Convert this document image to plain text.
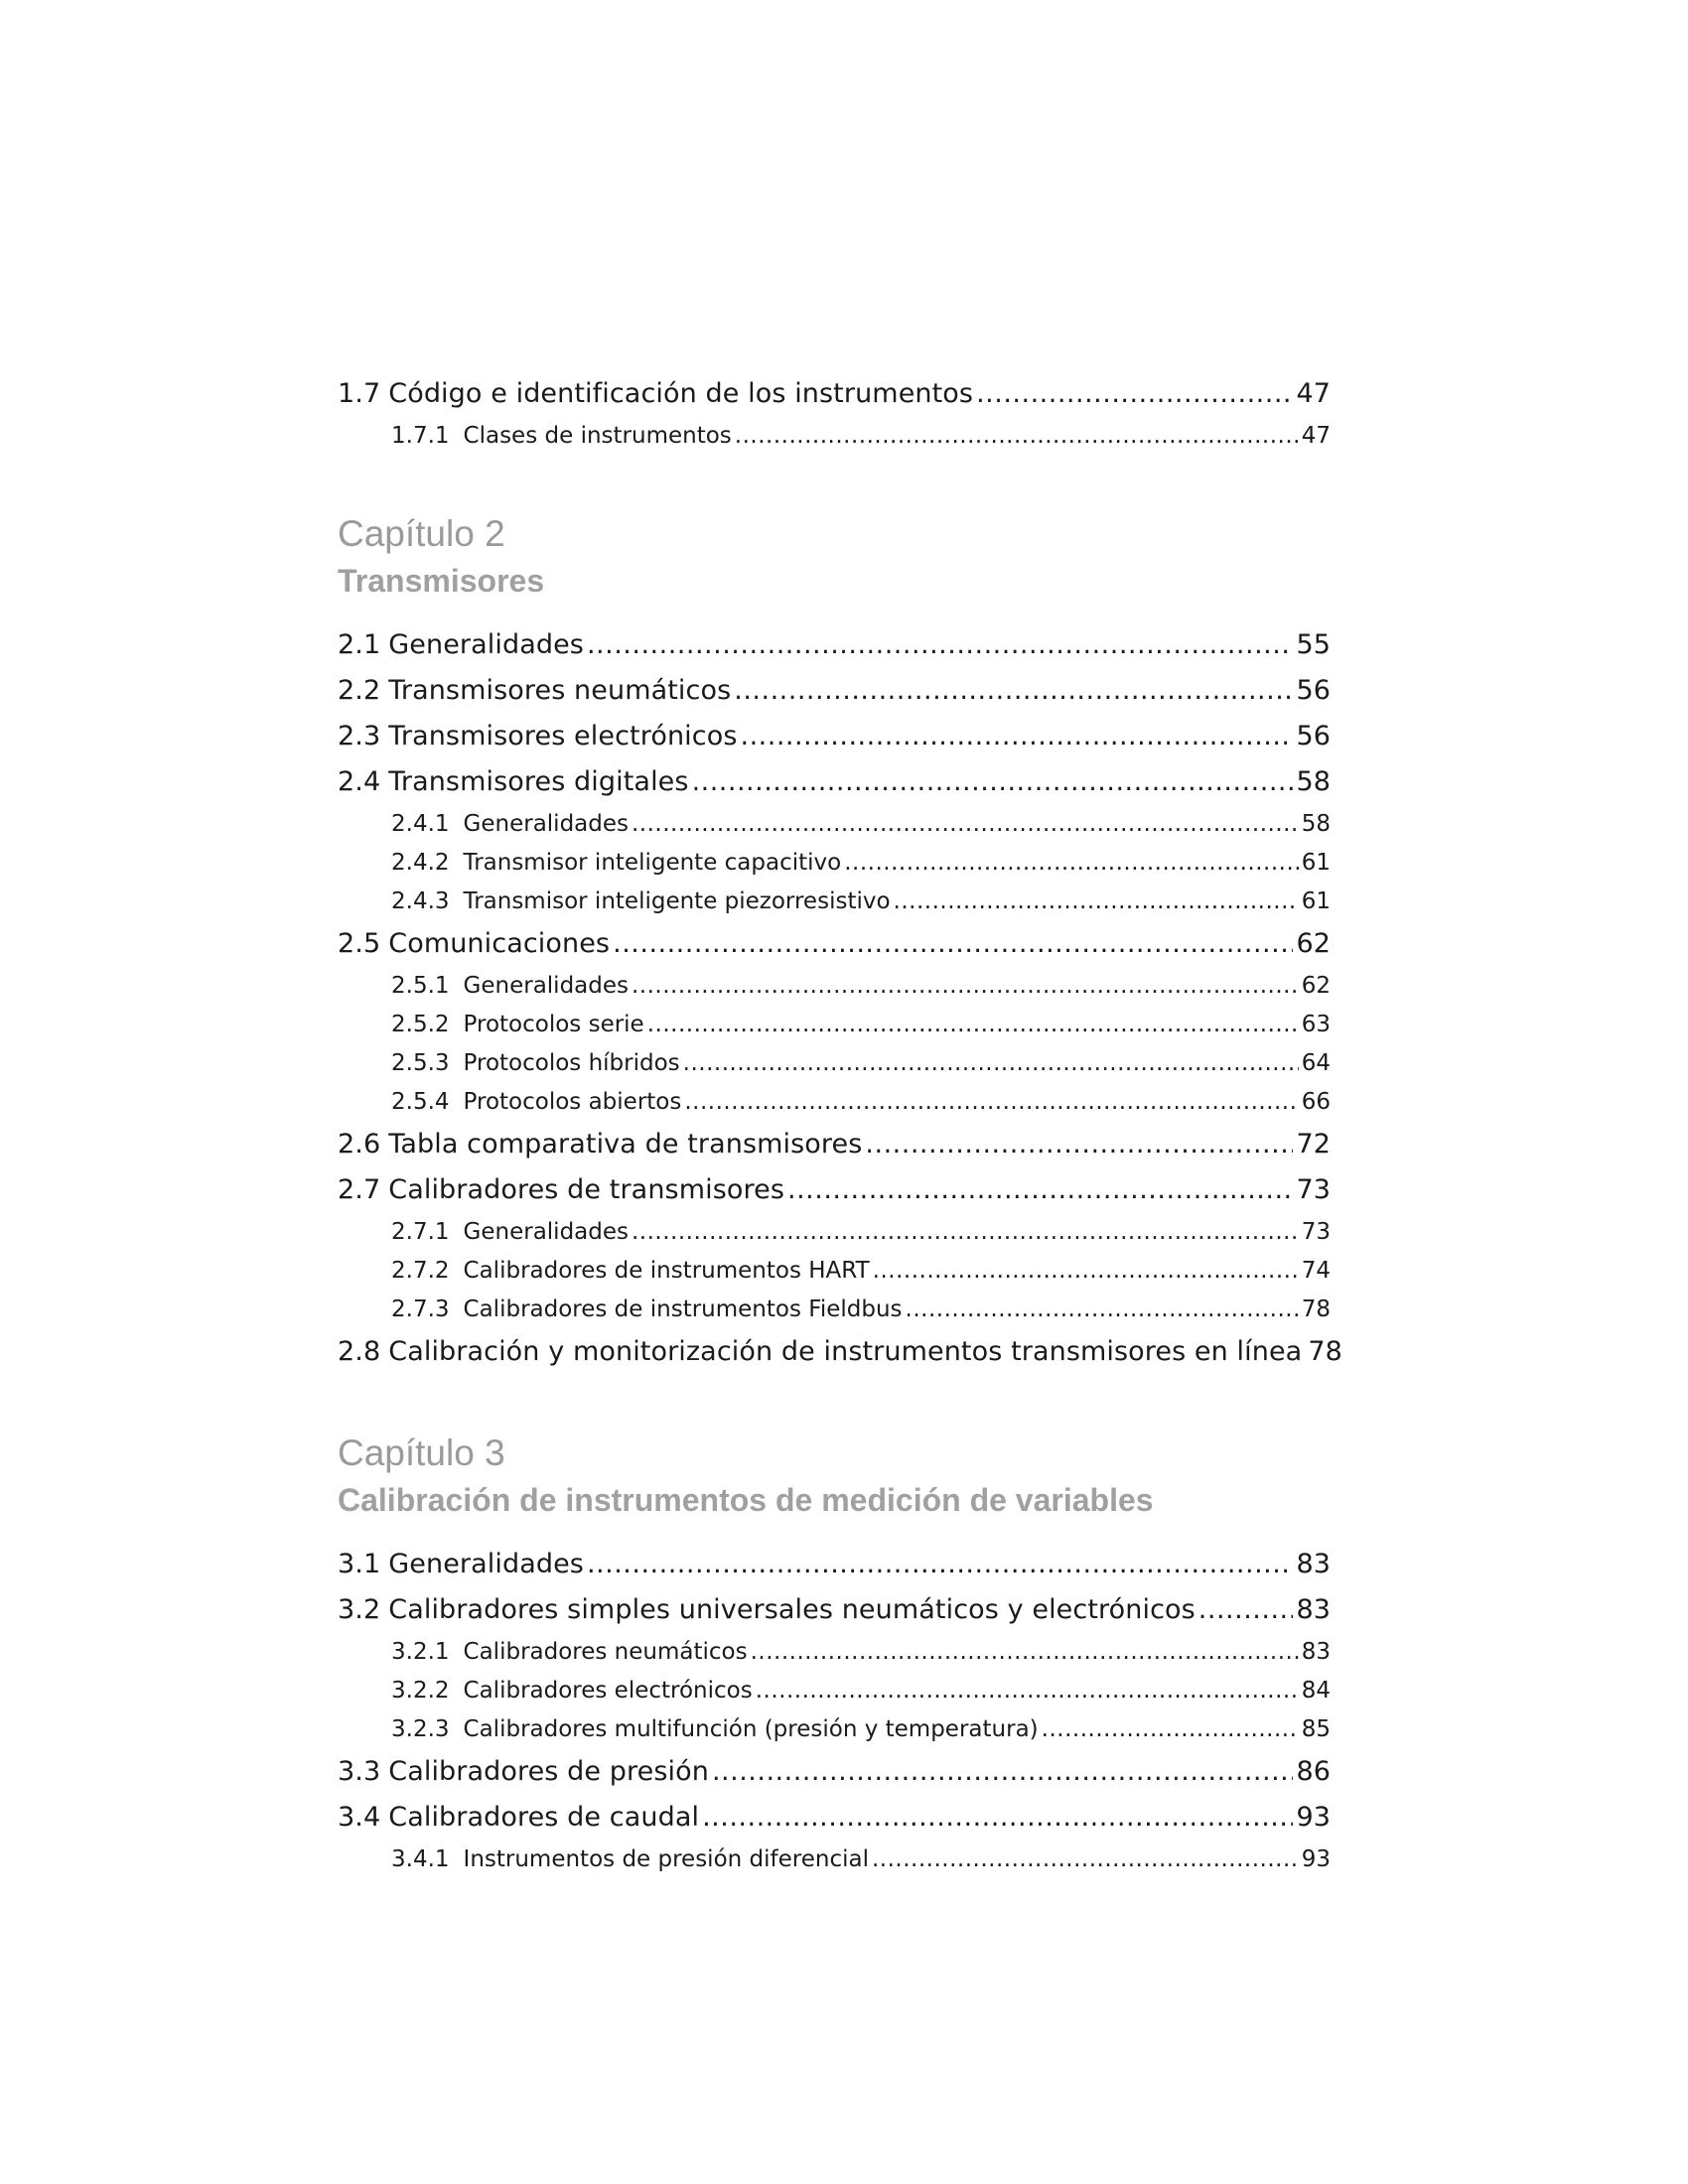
1.7 Código e identificación de los instrumentos .....	47
1.7.1 Clases de instrumentos .....	47
Capítulo 2
Transmisores
2.1 Generalidades .....	55
2.2 Transmisores neumáticos .....	56
2.3 Transmisores electrónicos .....	56
2.4 Transmisores digitales .....	58
2.4.1 Generalidades .....	58
2.4.2 Transmisor inteligente capacitivo .....	61
2.4.3 Transmisor inteligente piezorresistivo .....	61
2.5 Comunicaciones .....	62
2.5.1 Generalidades .....	62
2.5.2 Protocolos serie .....	63
2.5.3 Protocolos híbridos .....	64
2.5.4 Protocolos abiertos .....	66
2.6 Tabla comparativa de transmisores .....	72
2.7 Calibradores de transmisores .....	73
2.7.1 Generalidades .....	73
2.7.2 Calibradores de instrumentos HART .....	74
2.7.3 Calibradores de instrumentos Fieldbus .....	78
2.8 Calibración y monitorización de instrumentos transmisores en línea 78
Capítulo 3
Calibración de instrumentos de medición de variables
3.1 Generalidades .....	83
3.2 Calibradores simples universales neumáticos y electrónicos .....	83
3.2.1 Calibradores neumáticos .....	83
3.2.2 Calibradores electrónicos .....	84
3.2.3 Calibradores multifunción (presión y temperatura) .....	85
3.3 Calibradores de presión .....	86
3.4 Calibradores de caudal .....	93
3.4.1 Instrumentos de presión diferencial .....	93
